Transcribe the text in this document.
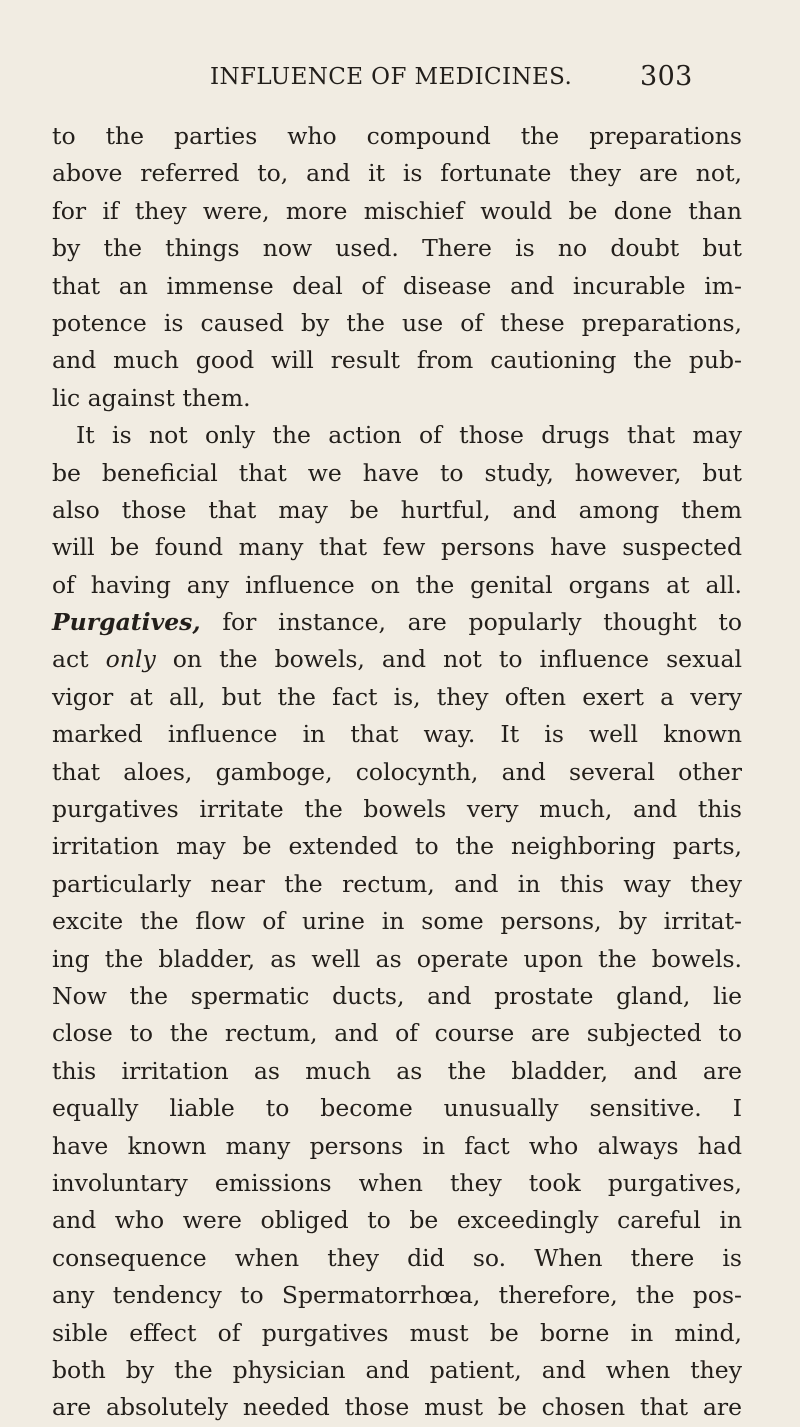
INFLUENCE OF MEDICINES.	303
to the parties who compound the preparations
above referred to, and it is fortunate they are not,
for if they were, more mischief would be done than
by the things now used. There is no doubt but
that an immense deal of disease and incurable im-
potence is caused by the use of these preparations,
and much good will result from cautioning the pub-
lic against them.
It is not only the action of those drugs that may
be beneficial that we have to study, however, but
also those that may be hurtful, and among them
will be found many that few persons have suspected
of having any influence on the genital organs at all.
Purgatives, for instance, are popularly thought to
act only on the bowels, and not to influence sexual
vigor at all, but the fact is, they often exert a very
marked influence in that way. It is well known
that aloes, gamboge, colocynth, and several other
purgatives irritate the bowels very much, and this
irritation may be extended to the neighboring parts,
particularly near the rectum, and in this way they
excite the flow of urine in some persons, by irritat-
ing the bladder, as well as operate upon the bowels.
Now the spermatic ducts, and prostate gland, lie
close to the rectum, and of course are subjected to
this irritation as much as the bladder, and are
equally liable to become unusually sensitive. I
have known many persons in fact who always had
involuntary emissions when they took purgatives,
and who were obliged to be exceedingly careful in
consequence when they did so. When there is
any tendency to Spermatorrhœa, therefore, the pos-
sible effect of purgatives must be borne in mind,
both by the physician and patient, and when they
are absolutely needed those must be chosen that are
